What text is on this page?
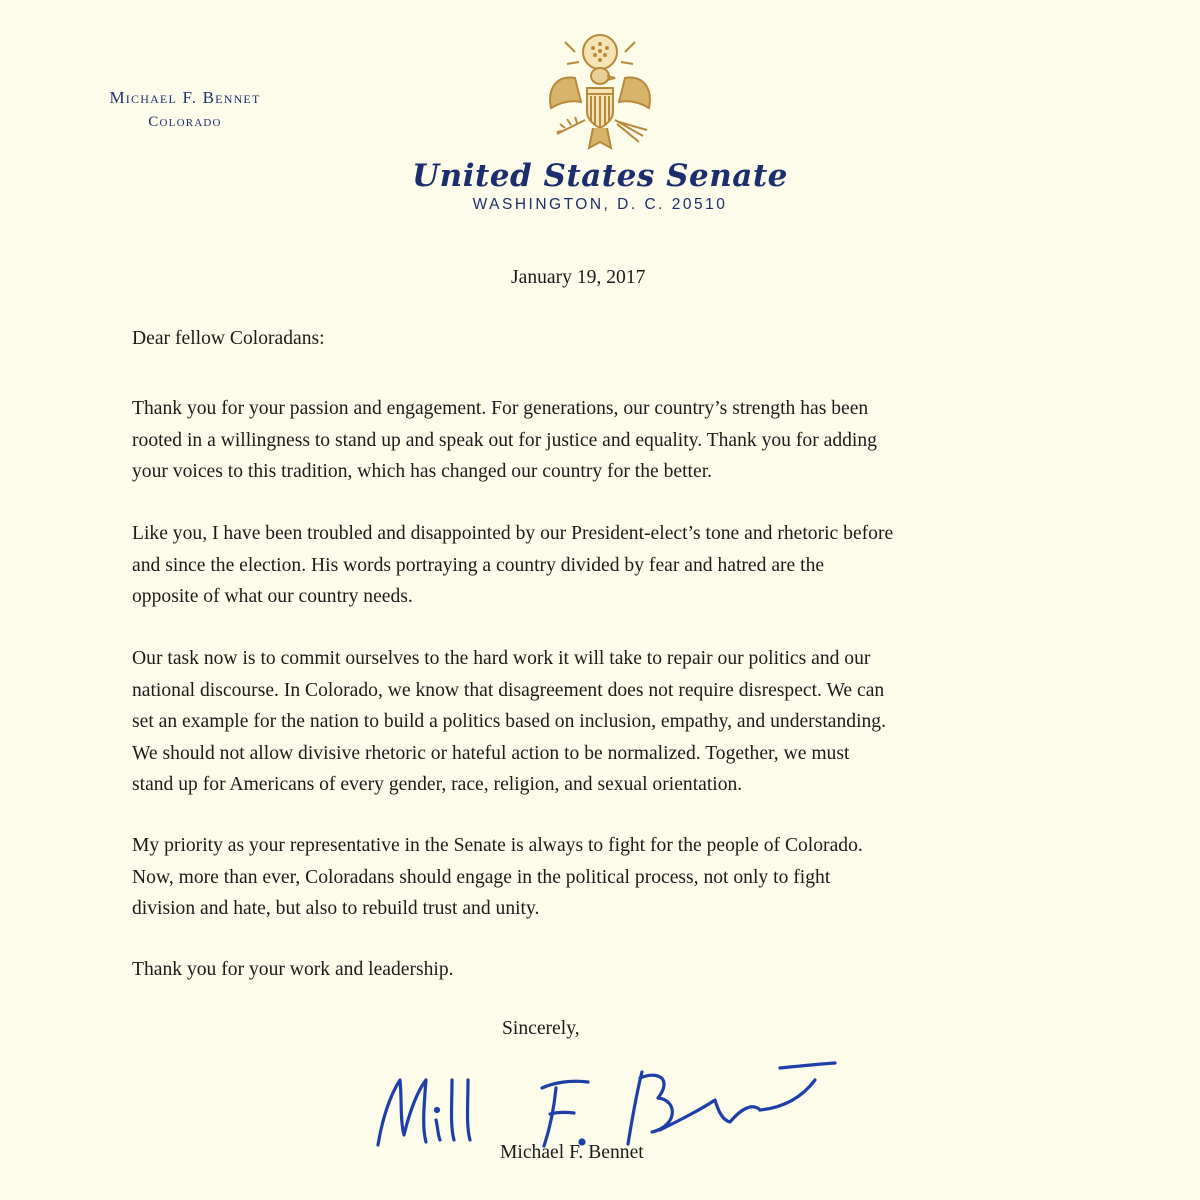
Michael F. Bennet
Colorado
United States Senate
WASHINGTON, D. C. 20510
January 19, 2017
Dear fellow Coloradans:

Thank you for your passion and engagement. For generations, our country’s strength has been
rooted in a willingness to stand up and speak out for justice and equality. Thank you for adding
your voices to this tradition, which has changed our country for the better.

Like you, I have been troubled and disappointed by our President-elect’s tone and rhetoric before
and since the election. His words portraying a country divided by fear and hatred are the
opposite of what our country needs.

Our task now is to commit ourselves to the hard work it will take to repair our politics and our
national discourse. In Colorado, we know that disagreement does not require disrespect. We can
set an example for the nation to build a politics based on inclusion, empathy, and understanding.
We should not allow divisive rhetoric or hateful action to be normalized. Together, we must
stand up for Americans of every gender, race, religion, and sexual orientation.

My priority as your representative in the Senate is always to fight for the people of Colorado.
Now, more than ever, Coloradans should engage in the political process, not only to fight
division and hate, but also to rebuild trust and unity.

Thank you for your work and leadership.

Sincerely,
Michael F. Bennet
